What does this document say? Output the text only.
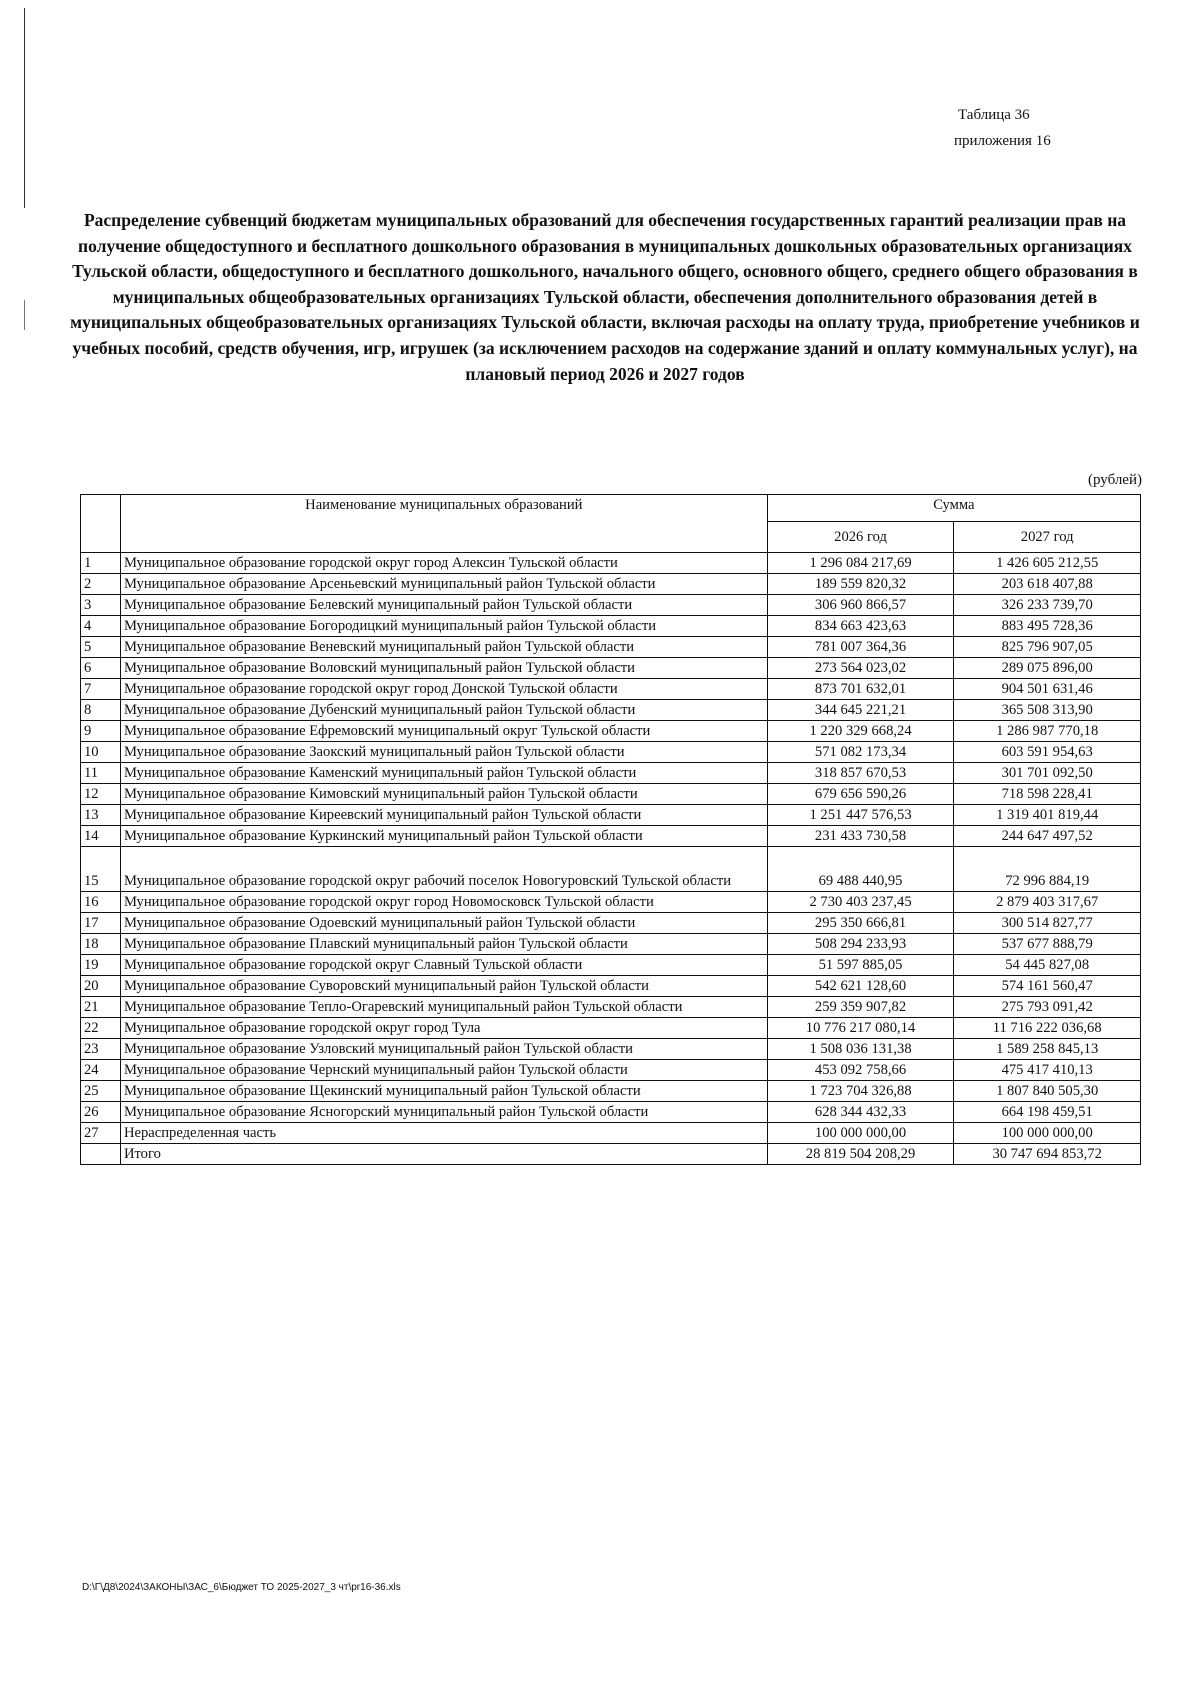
Таблица 36
приложения 16
Распределение субвенций бюджетам муниципальных образований для обеспечения государственных гарантий реализации прав на получение общедоступного и бесплатного дошкольного образования в муниципальных дошкольных образовательных организациях Тульской области, общедоступного и бесплатного дошкольного, начального общего, основного общего, среднего общего образования в муниципальных общеобразовательных организациях Тульской области, обеспечения дополнительного образования детей в муниципальных общеобразовательных организациях Тульской области, включая расходы на оплату труда, приобретение учебников и учебных пособий, средств обучения, игр, игрушек (за исключением расходов на содержание зданий и оплату коммунальных услуг), на плановый период 2026 и 2027 годов
(рублей)
	Наименование муниципальных образований	Сумма	
		2026 год	2027 год
1	Муниципальное образование городской округ город Алексин Тульской области	1 296 084 217,69	1 426 605 212,55
2	Муниципальное образование Арсеньевский муниципальный район Тульской области	189 559 820,32	203 618 407,88
3	Муниципальное образование Белевский муниципальный район Тульской области	306 960 866,57	326 233 739,70
4	Муниципальное образование Богородицкий муниципальный район Тульской области	834 663 423,63	883 495 728,36
5	Муниципальное образование Веневский муниципальный район Тульской области	781 007 364,36	825 796 907,05
6	Муниципальное образование Воловский муниципальный район Тульской области	273 564 023,02	289 075 896,00
7	Муниципальное образование городской округ город Донской Тульской области	873 701 632,01	904 501 631,46
8	Муниципальное образование Дубенский муниципальный район Тульской области	344 645 221,21	365 508 313,90
9	Муниципальное образование Ефремовский муниципальный округ Тульской области	1 220 329 668,24	1 286 987 770,18
10	Муниципальное образование Заокский муниципальный район Тульской области	571 082 173,34	603 591 954,63
11	Муниципальное образование Каменский муниципальный район Тульской области	318 857 670,53	301 701 092,50
12	Муниципальное образование Кимовский муниципальный район Тульской области	679 656 590,26	718 598 228,41
13	Муниципальное образование Киреевский муниципальный район Тульской области	1 251 447 576,53	1 319 401 819,44
14	Муниципальное образование Куркинский муниципальный район Тульской области	231 433 730,58	244 647 497,52
15	Муниципальное образование городской округ рабочий поселок Новогуровский Тульской области	69 488 440,95	72 996 884,19
16	Муниципальное образование городской округ город Новомосковск Тульской области	2 730 403 237,45	2 879 403 317,67
17	Муниципальное образование Одоевский муниципальный район Тульской области	295 350 666,81	300 514 827,77
18	Муниципальное образование Плавский муниципальный район Тульской области	508 294 233,93	537 677 888,79
19	Муниципальное образование городской округ Славный Тульской области	51 597 885,05	54 445 827,08
20	Муниципальное образование Суворовский муниципальный район Тульской области	542 621 128,60	574 161 560,47
21	Муниципальное образование Тепло-Огаревский муниципальный район Тульской области	259 359 907,82	275 793 091,42
22	Муниципальное образование городской округ город Тула	10 776 217 080,14	11 716 222 036,68
23	Муниципальное образование Узловский муниципальный район Тульской области	1 508 036 131,38	1 589 258 845,13
24	Муниципальное образование Чернский муниципальный район Тульской области	453 092 758,66	475 417 410,13
25	Муниципальное образование Щекинский муниципальный район Тульской области	1 723 704 326,88	1 807 840 505,30
26	Муниципальное образование Ясногорский муниципальный район Тульской области	628 344 432,33	664 198 459,51
27	Нераспределенная часть	100 000 000,00	100 000 000,00
	Итого	28 819 504 208,29	30 747 694 853,72
D:\Г\Д8\2024\ЗАКОНЫ\ЗАС_6\Бюджет ТО 2025-2027_3 чт\pr16-36.xls
